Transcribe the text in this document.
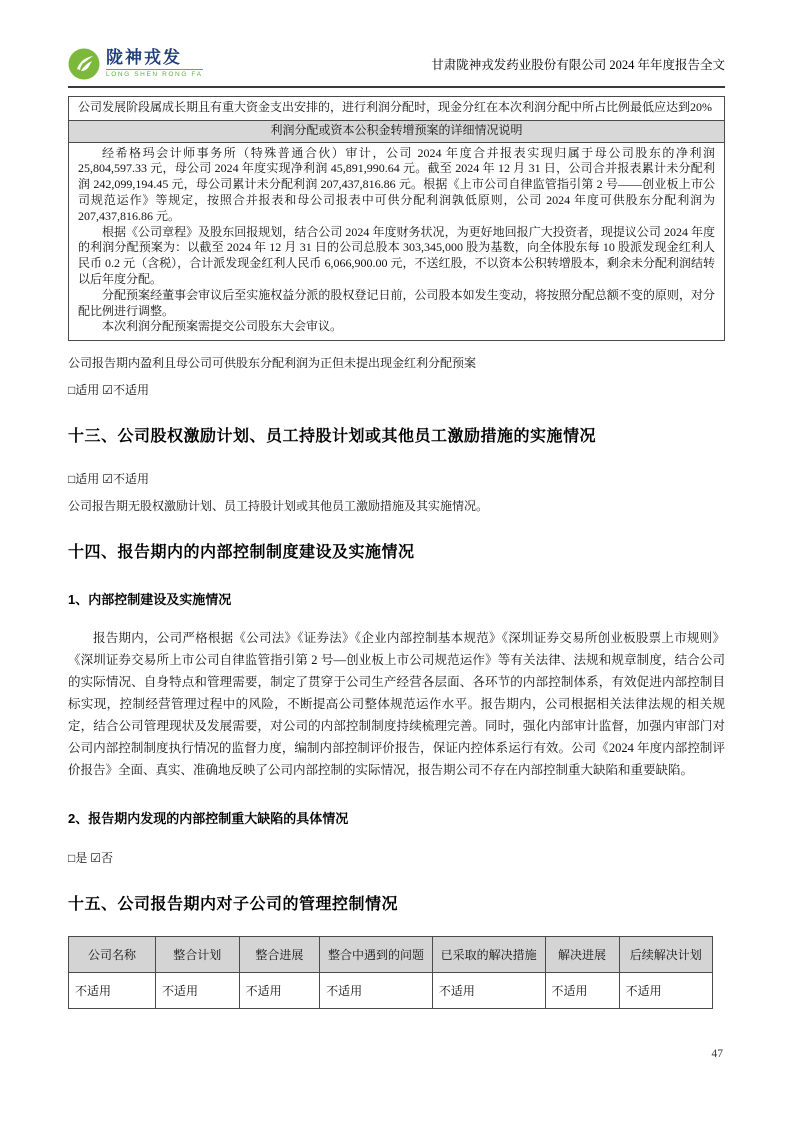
陇神戎发
LONG SHEN RONG FA
甘肃陇神戎发药业股份有限公司 2024 年年度报告全文
公司发展阶段属成长期且有重大资金支出安排的，进行利润分配时，现金分红在本次利润分配中所占比例最低应达到20%
利润分配或资本公积金转增预案的详细情况说明

经希格玛会计师事务所（特殊普通合伙）审计，公司 2024 年度合并报表实现归属于母公司股东的净利润 25,804,597.33 元，母公司 2024 年度实现净利润 45,891,990.64 元。截至 2024 年 12 月 31 日，公司合并报表累计未分配利润 242,099,194.45 元，母公司累计未分配利润 207,437,816.86 元。根据《上市公司自律监管指引第 2 号——创业板上市公司规范运作》等规定，按照合并报表和母公司报表中可供分配利润孰低原则，公司 2024 年度可供股东分配利润为 207,437,816.86 元。

根据《公司章程》及股东回报规划，结合公司 2024 年度财务状况，为更好地回报广大投资者，现提议公司 2024 年度的利润分配预案为：以截至 2024 年 12 月 31 日的公司总股本 303,345,000 股为基数，向全体股东每 10 股派发现金红利人民币 0.2 元（含税），合计派发现金红利人民币 6,066,900.00 元，不送红股，不以资本公积转增股本，剩余未分配利润结转以后年度分配。

分配预案经董事会审议后至实施权益分派的股权登记日前，公司股本如发生变动，将按照分配总额不变的原则，对分配比例进行调整。

本次利润分配预案需提交公司股东大会审议。

公司报告期内盈利且母公司可供股东分配利润为正但未提出现金红利分配预案
□适用 ☑不适用
十三、公司股权激励计划、员工持股计划或其他员工激励措施的实施情况
□适用 ☑不适用
公司报告期无股权激励计划、员工持股计划或其他员工激励措施及其实施情况。
十四、报告期内的内部控制制度建设及实施情况
1、内部控制建设及实施情况

报告期内，公司严格根据《公司法》《证券法》《企业内部控制基本规范》《深圳证券交易所创业板股票上市规则》《深圳证券交易所上市公司自律监管指引第 2 号—创业板上市公司规范运作》等有关法律、法规和规章制度，结合公司的实际情况、自身特点和管理需要，制定了贯穿于公司生产经营各层面、各环节的内部控制体系，有效促进内部控制目标实现，控制经营管理过程中的风险，不断提高公司整体规范运作水平。报告期内，公司根据相关法律法规的相关规定，结合公司管理现状及发展需要，对公司的内部控制制度持续梳理完善。同时，强化内部审计监督，加强内审部门对公司内部控制制度执行情况的监督力度，编制内部控制评价报告，保证内控体系运行有效。公司《2024 年度内部控制评价报告》全面、真实、准确地反映了公司内部控制的实际情况，报告期公司不存在内部控制重大缺陷和重要缺陷。

2、报告期内发现的内部控制重大缺陷的具体情况
□是 ☑否
十五、公司报告期内对子公司的管理控制情况
公司名称	整合计划	整合进展	整合中遇到的问题	已采取的解决措施	解决进展	后续解决计划
不适用	不适用	不适用	不适用	不适用	不适用	不适用
47
